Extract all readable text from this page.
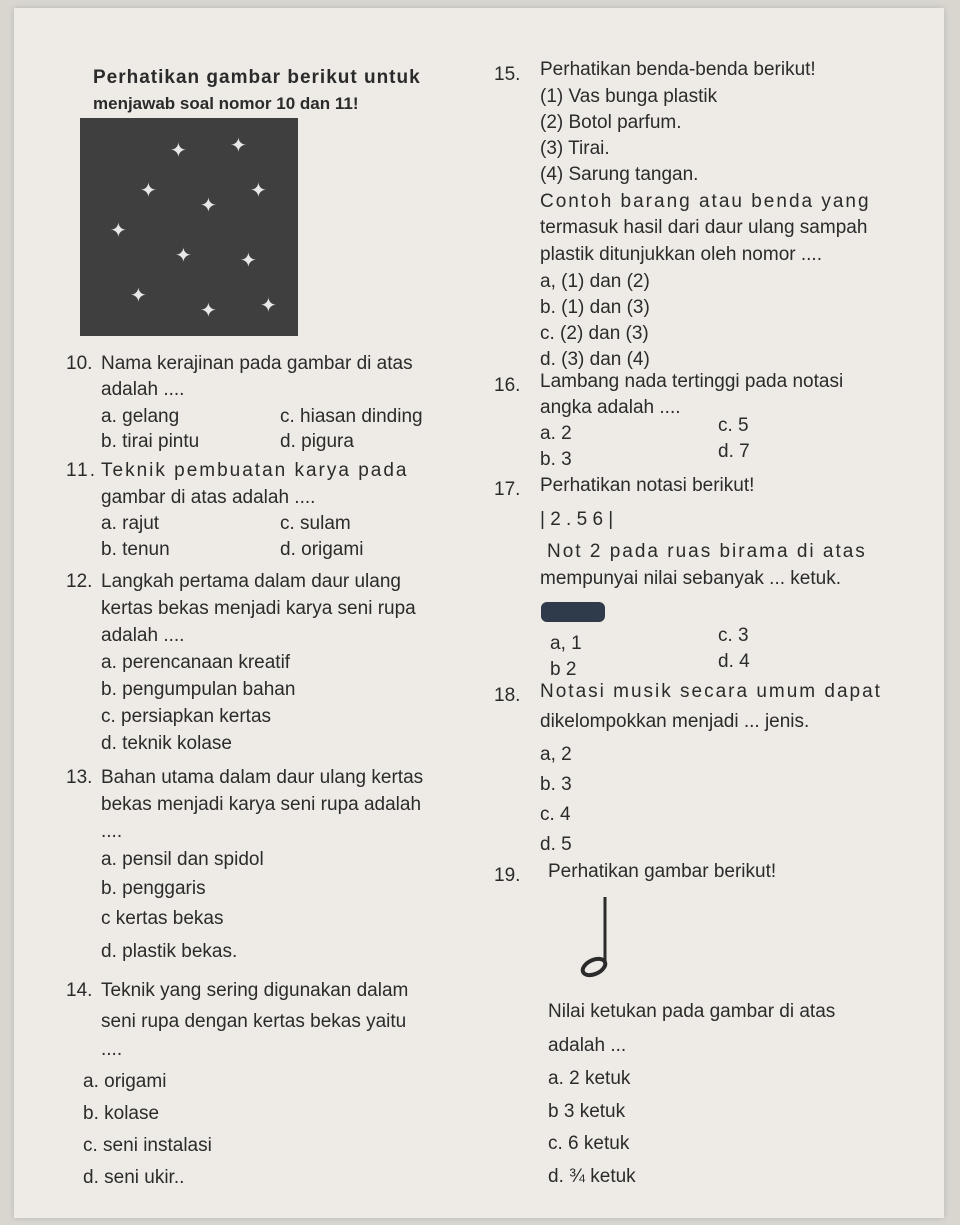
Perhatikan gambar berikut untuk
menjawab soal nomor 10 dan 11!
✦ ✦
✦
✦
✦
✦
✦ ✦
✦
✦ ✦
10. Nama kerajinan pada gambar di atas
adalah ....
a. gelang	c. hiasan dinding
b. tirai pintu	d. pigura
11. Teknik pembuatan karya pada
gambar di atas adalah ....
a. rajut	c. sulam
b. tenun	d. origami
12. Langkah pertama dalam daur ulang
kertas bekas menjadi karya seni rupa
adalah ....
a. perencanaan kreatif
b. pengumpulan bahan
c. persiapkan kertas
d. teknik kolase
13. Bahan utama dalam daur ulang kertas
bekas menjadi karya seni rupa adalah
....
a. pensil dan spidol
b. penggaris
c kertas bekas
d. plastik bekas.
14. Teknik yang sering digunakan dalam
seni rupa dengan kertas bekas yaitu
....
a. origami
b. kolase
c. seni instalasi
d. seni ukir..
15. Perhatikan benda-benda berikut!
(1) Vas bunga plastik
(2) Botol parfum.
(3) Tirai.
(4) Sarung tangan.
Contoh barang atau benda yang
termasuk hasil dari daur ulang sampah
plastik ditunjukkan oleh nomor ....
a, (1) dan (2)
b. (1) dan (3)
c. (2) dan (3)
d. (3) dan (4)
16. Lambang nada tertinggi pada notasi
angka adalah ....
a. 2	c. 5
b. 3	d. 7
17. Perhatikan notasi berikut!
| 2 . 5 6 |
Not 2 pada ruas birama di atas
mempunyai nilai sebanyak ... ketuk.
a, 1	c. 3
b 2	d. 4
18. Notasi musik secara umum dapat
dikelompokkan menjadi ... jenis.
a, 2
b. 3
c. 4
d. 5
19. Perhatikan gambar berikut!
Nilai ketukan pada gambar di atas
adalah ...
a. 2 ketuk
b 3 ketuk
c. 6 ketuk
d. ¾ ketuk
